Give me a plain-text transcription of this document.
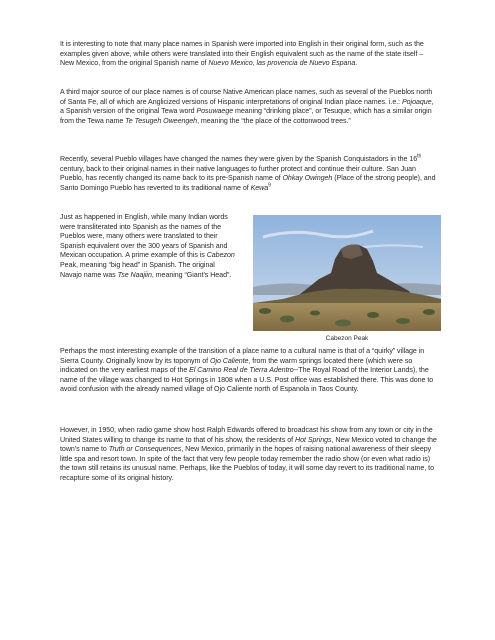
It is interesting to note that many place names in Spanish were imported into English in their original form, such as the examples given above, while others were translated into their English equivalent such as the name of the state itself – New Mexico, from the original Spanish name of Nuevo Mexico, las provencia de Nuevo Espana.

A third major source of our place names is of course Native American place names, such as several of the Pueblos north of Santa Fe, all of which are Anglicized versions of Hispanic interpretations of original Indian place names. i.e.: Pojoaque, a Spanish version of the original Tewa word Posuwaege meaning “drinking place”, or Tesuque, which has a similar origin from the Tewa name Te Tesugeh Oweengeh, meaning the “the place of the cottonwood trees.”

Recently, several Pueblo villages have changed the names they were given by the Spanish Conquistadors in the 16th century, back to their original names in their native languages to further protect and continue their culture. San Juan Pueblo, has recently changed its name back to its pre-Spanish name of Ohkay Owingeh (Place of the strong people), and Santo Domingo Pueblo has reverted to its traditional name of Kewa$^9$

Just as happened in English, while many Indian words were transliterated into Spanish as the names of the Pueblos were, many others were translated to their Spanish equivalent over the 300 years of Spanish and Mexican occupation. A prime example of this is Cabezon Peak, meaning “big head” in Spanish. The original Navajo name was Tse Naajiin, meaning “Giant's Head”.

Cabezon Peak

Perhaps the most interesting example of the transition of a place name to a cultural name is that of a “quirky” village in Sierra County. Originally know by its toponym of Ojo Caliente, from the warm springs located there (which were so indicated on the very earliest maps of the El Camino Real de Tierra Adentro--The Royal Road of the Interior Lands), the name of the village was changed to Hot Springs in 1808 when a U.S. Post office was established there. This was done to avoid confusion with the already named village of Ojo Caliente north of Espanola in Taos County.

However, in 1950, when radio game show host Ralph Edwards offered to broadcast his show from any town or city in the United States willing to change its name to that of his show, the residents of Hot Springs, New Mexico voted to change the town's name to Truth or Consequences, New Mexico, primarily in the hopes of raising national awareness of their sleepy little spa and resort town. In spite of the fact that very few people today remember the radio show (or even what radio is) the town still retains its unusual name. Perhaps, like the Pueblos of today, it will some day revert to its traditional name, to recapture some of its original history.
